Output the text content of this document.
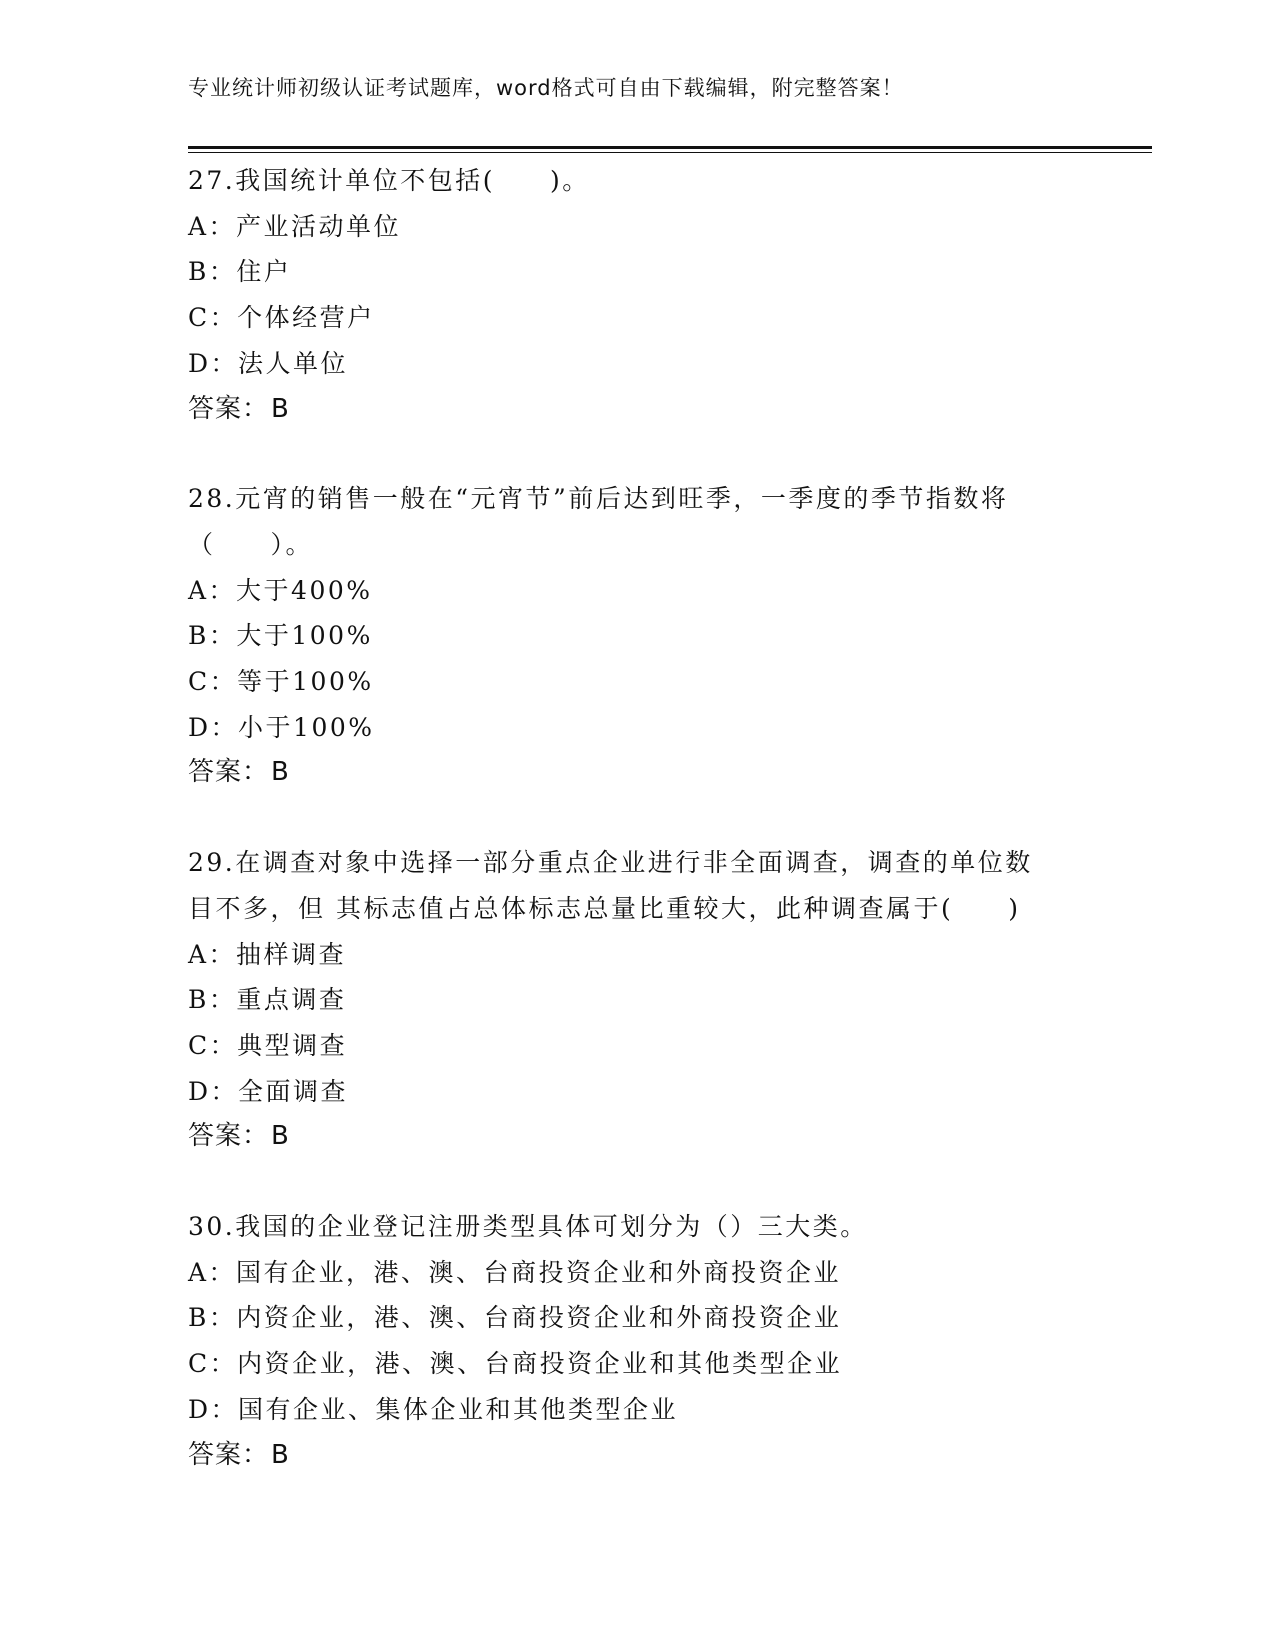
专业统计师初级认证考试题库，word格式可自由下载编辑，附完整答案！
27.我国统计单位不包括(　　)。
A：产业活动单位
B：住户
C：个体经营户
D：法人单位
答案：B
28.元宵的销售一般在“元宵节”前后达到旺季，一季度的季节指数将
（　　）。
A：大于400%
B：大于100%
C：等于100%
D：小于100%
答案：B
29.在调查对象中选择一部分重点企业进行非全面调查，调查的单位数
目不多，但 其标志值占总体标志总量比重较大，此种调查属于(　　)
A：抽样调查
B：重点调查
C：典型调查
D：全面调查
答案：B
30.我国的企业登记注册类型具体可划分为（）三大类。
A：国有企业，港、澳、台商投资企业和外商投资企业
B：内资企业，港、澳、台商投资企业和外商投资企业
C：内资企业，港、澳、台商投资企业和其他类型企业
D：国有企业、集体企业和其他类型企业
答案：B
